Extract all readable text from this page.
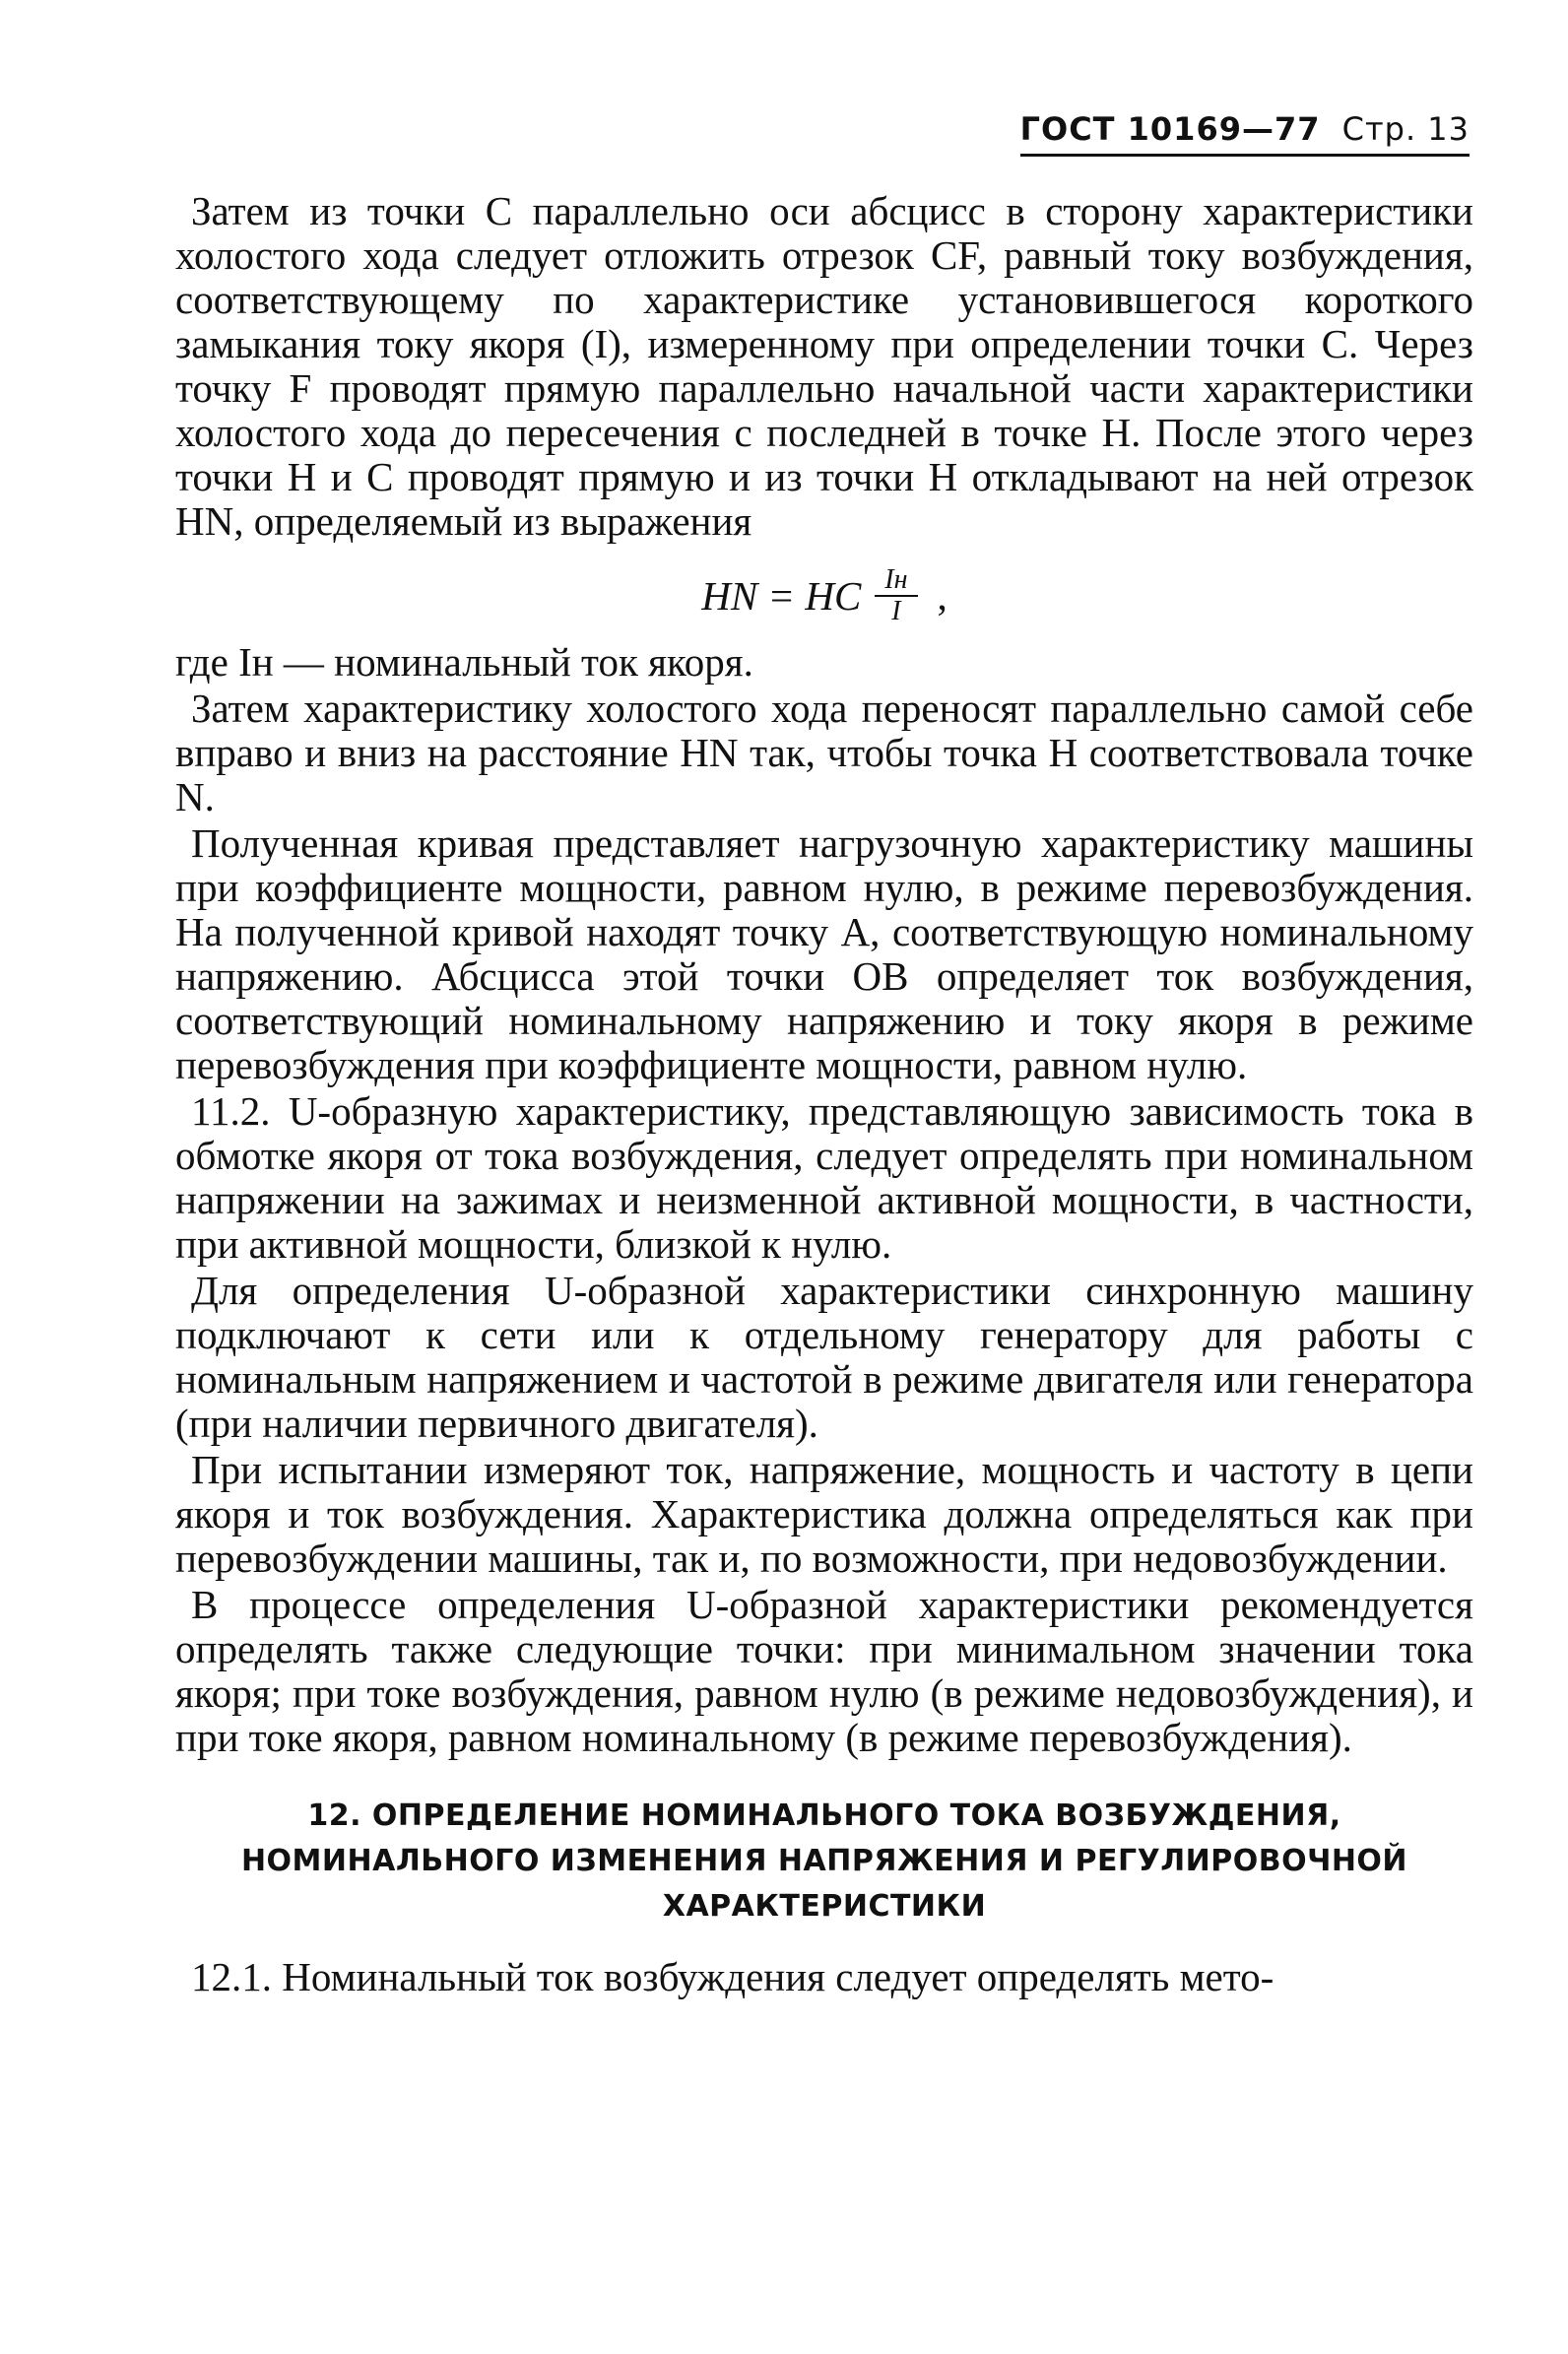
ГОСТ 10169—77 Стр. 13

Затем из точки C параллельно оси абсцисс в сторону характеристики холостого хода следует отложить отрезок CF, равный току возбуждения, соответствующему по характеристике установившегося короткого замыкания току якоря (I), измеренному при определении точки C. Через точку F проводят прямую параллельно начальной части характеристики холостого хода до пересечения с последней в точке H. После этого через точки H и C проводят прямую и из точки H откладывают на ней отрезок HN, определяемый из выражения

HN = HC $\frac{Iн}{I}$ ,

где Iн — номинальный ток якоря.

Затем характеристику холостого хода переносят параллельно самой себе вправо и вниз на расстояние HN так, чтобы точка H соответствовала точке N.

Полученная кривая представляет нагрузочную характеристику машины при коэффициенте мощности, равном нулю, в режиме перевозбуждения. На полученной кривой находят точку A, соответствующую номинальному напряжению. Абсцисса этой точки OB определяет ток возбуждения, соответствующий номинальному напряжению и току якоря в режиме перевозбуждения при коэффициенте мощности, равном нулю.

11.2. U-образную характеристику, представляющую зависимость тока в обмотке якоря от тока возбуждения, следует определять при номинальном напряжении на зажимах и неизменной активной мощности, в частности, при активной мощности, близкой к нулю.

Для определения U-образной характеристики синхронную машину подключают к сети или к отдельному генератору для работы с номинальным напряжением и частотой в режиме двигателя или генератора (при наличии первичного двигателя).

При испытании измеряют ток, напряжение, мощность и частоту в цепи якоря и ток возбуждения. Характеристика должна определяться как при перевозбуждении машины, так и, по возможности, при недовозбуждении.

В процессе определения U-образной характеристики рекомендуется определять также следующие точки: при минимальном значении тока якоря; при токе возбуждения, равном нулю (в режиме недовозбуждения), и при токе якоря, равном номинальному (в режиме перевозбуждения).

12. ОПРЕДЕЛЕНИЕ НОМИНАЛЬНОГО ТОКА ВОЗБУЖДЕНИЯ,
НОМИНАЛЬНОГО ИЗМЕНЕНИЯ НАПРЯЖЕНИЯ И РЕГУЛИРОВОЧНОЙ
ХАРАКТЕРИСТИКИ

12.1. Номинальный ток возбуждения следует определять мето-
